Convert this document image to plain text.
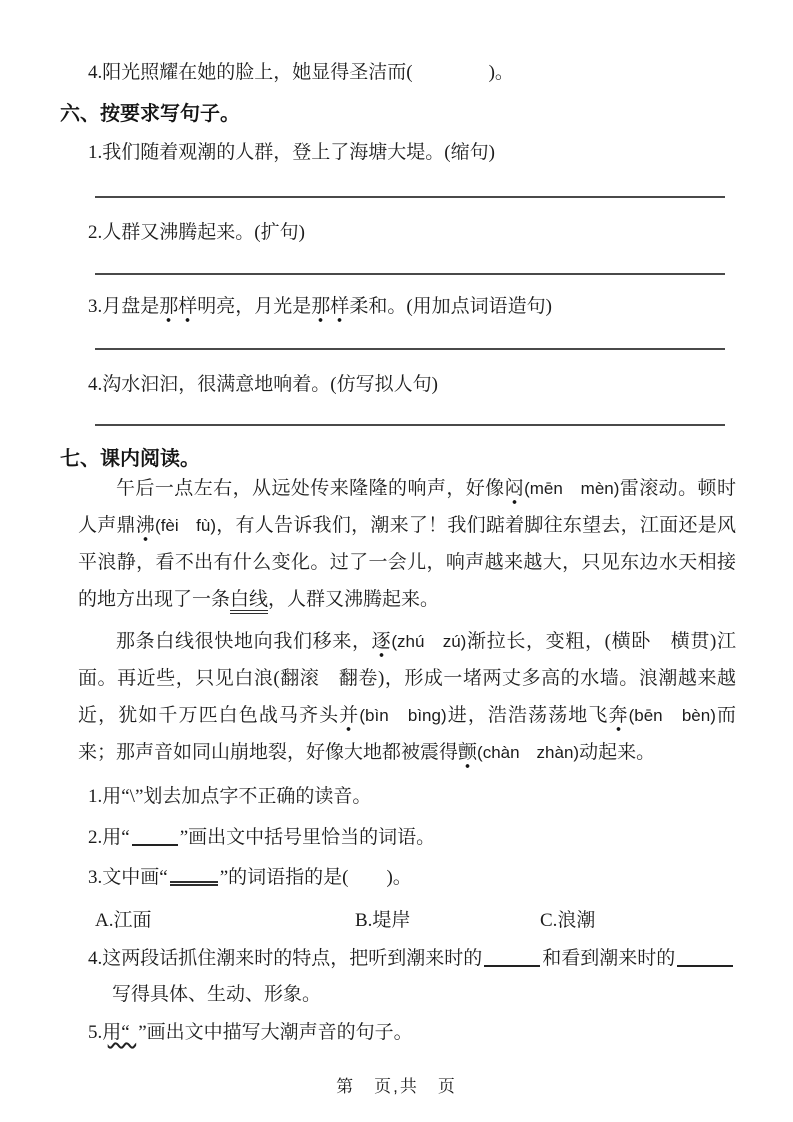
4.阳光照耀在她的脸上，她显得圣洁而(　　　　)。
六、按要求写句子。
1.我们随着观潮的人群，登上了海塘大堤。(缩句)
2.人群又沸腾起来。(扩句)
3.月盘是那样明亮，月光是那样柔和。(用加点词语造句)
4.沟水汩汩，很满意地响着。(仿写拟人句)
七、课内阅读。

午后一点左右，从远处传来隆隆的响声，好像闷(mēn　mèn)雷滚动。顿时人声鼎沸(fèi　fù)，有人告诉我们，潮来了！我们踮着脚往东望去，江面还是风平浪静，看不出有什么变化。过了一会儿，响声越来越大，只见东边水天相接的地方出现了一条白线，人群又沸腾起来。

那条白线很快地向我们移来，逐(zhú　zú)渐拉长，变粗，(横卧　横贯)江面。再近些，只见白浪(翻滚　翻卷)，形成一堵两丈多高的水墙。浪潮越来越近，犹如千万匹白色战马齐头并(bìn　bìng)进，浩浩荡荡地飞奔(bēn　bèn)而来；那声音如同山崩地裂，好像大地都被震得颤(chàn　zhàn)动起来。

1.用“\”划去加点字不正确的读音。
2.用“	”画出文中括号里恰当的词语。
3.文中画“	”的词语指的是(　　)。
A.江面	B.堤岸	C.浪潮
4.这两段话抓住潮来时的特点，把听到潮来时的	和看到潮来时的写得具体、生动、形象。
5.用“ ”画出文中描写大潮声音的句子。
第　页,共　页
